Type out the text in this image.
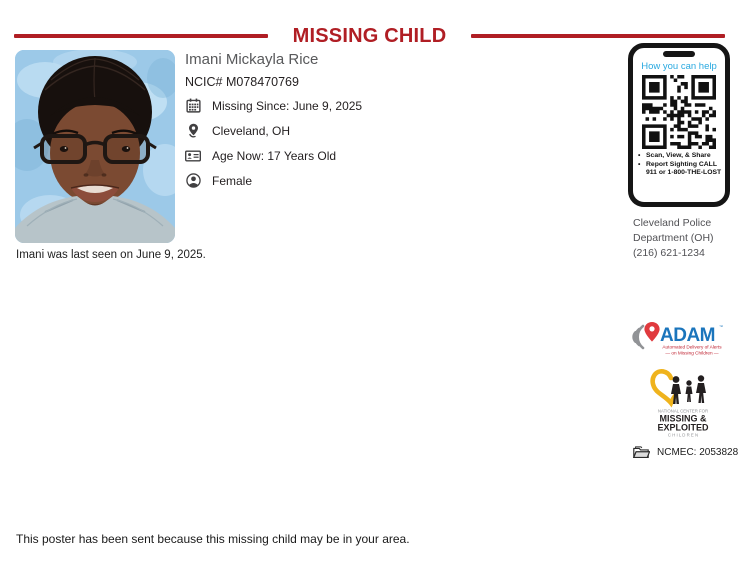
MISSING CHILD
Imani was last seen on June 9, 2025.
Imani Mickayla Rice
NCIC# M078470769
Missing Since: June 9, 2025
Cleveland, OH
Age Now: 17 Years Old
Female
How you can help
• Scan, View, & Share
• Report Sighting CALL 911 or 1-800-THE-LOST
Cleveland Police
Department (OH)
(216) 621-1234
ADAM ™
Automated Delivery of Alerts
— on Missing Children —
NATIONAL CENTER FOR
MISSING &
EXPLOITED
C H I L D R E N
NCMEC: 2053828
This poster has been sent because this missing child may be in your area.
